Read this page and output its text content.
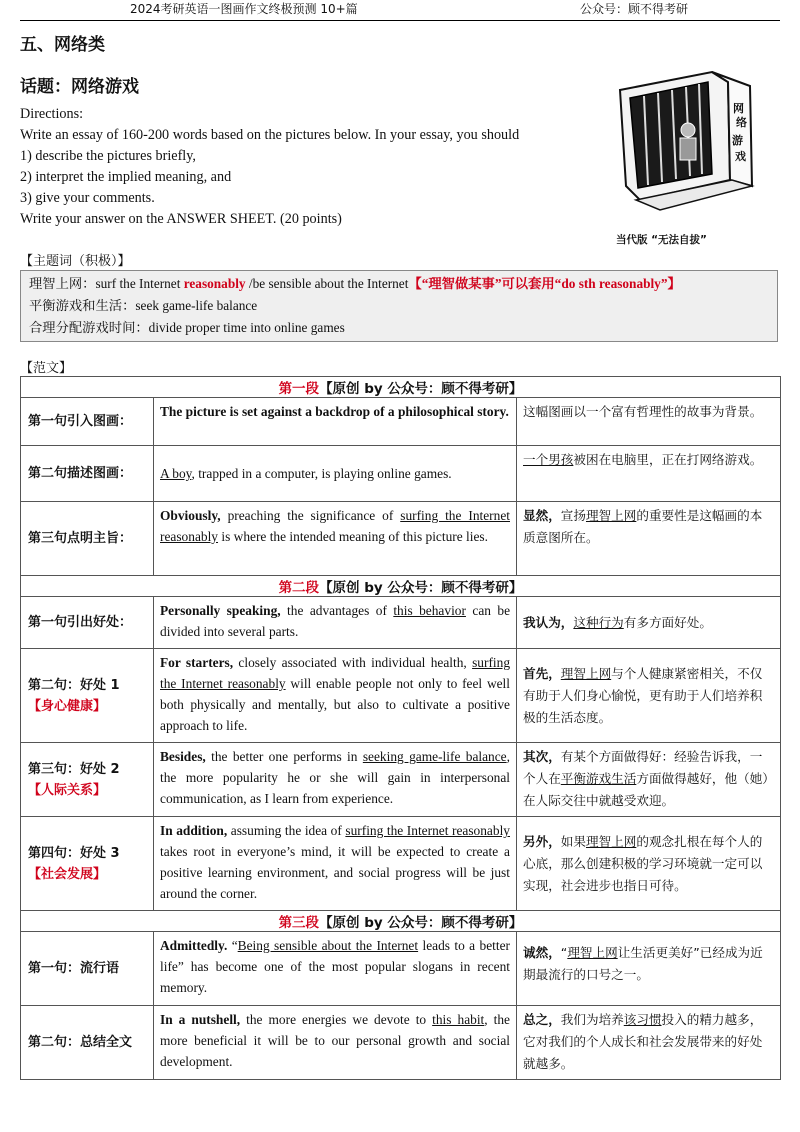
2024考研英语一图画作文终极预测 10+篇	公众号：顾不得考研
五、网络类
话题：网络游戏
Directions:
Write an essay of 160-200 words based on the pictures below. In your essay, you should
1) describe the pictures briefly,
2) interpret the implied meaning, and
3) give your comments.
Write your answer on the ANSWER SHEET. (20 points)
网
络
游
戏
当代版 “无法自拔”
【主题词（积极）】
理智上网：surf the Internet reasonably /be sensible about the Internet【“理智做某事”可以套用“do sth reasonably”】
平衡游戏和生活：seek game-life balance
合理分配游戏时间：divide proper time into online games
【范文】
第一段【原创 by 公众号：顾不得考研】		
第一句引入图画：	The picture is set against a backdrop of a philosophical story.	这幅图画以一个富有哲理性的故事为背景。
第二句描述图画：	A boy, trapped in a computer, is playing online games.	一个男孩被困在电脑里，正在打网络游戏。
第三句点明主旨：	Obviously, preaching the significance of surfing the Internet reasonably is where the intended meaning of this picture lies.	显然，宣扬理智上网的重要性是这幅画的本质意图所在。
第二段【原创 by 公众号：顾不得考研】		
第一句引出好处：	Personally speaking, the advantages of this behavior can be divided into several parts.	我认为，这种行为有多方面好处。

第二句：好处 1
【身心健康】	For starters, closely associated with individual health, surfing the Internet reasonably will enable people not only to feel well both physically and mentally, but also to cultivate a positive approach to life.	首先，理智上网与个人健康紧密相关，不仅有助于人们身心愉悦，更有助于人们培养积极的生活态度。

第三句：好处 2
【人际关系】	Besides, the better one performs in seeking game-life balance, the more popularity he or she will gain in interpersonal communication, as I learn from experience.	其次，有某个方面做得好：经验告诉我，一个人在平衡游戏生活方面做得越好，他（她）在人际交往中就越受欢迎。

第四句：好处 3
【社会发展】	In addition, assuming the idea of surfing the Internet reasonably takes root in everyone’s mind, it will be expected to create a positive learning environment, and social progress will be just around the corner.	另外，如果理智上网的观念扎根在每个人的心底，那么创建积极的学习环境就一定可以实现，社会进步也指日可待。
第三段【原创 by 公众号：顾不得考研】		
第一句：流行语	Admittedly. “Being sensible about the Internet leads to a better life” has become one of the most popular slogans in recent memory.	诚然，“理智上网让生活更美好”已经成为近期最流行的口号之一。
第二句：总结全文	In a nutshell, the more energies we devote to this habit, the more beneficial it will be to our personal growth and social development.	总之，我们为培养该习惯投入的精力越多，它对我们的个人成长和社会发展带来的好处就越多。
